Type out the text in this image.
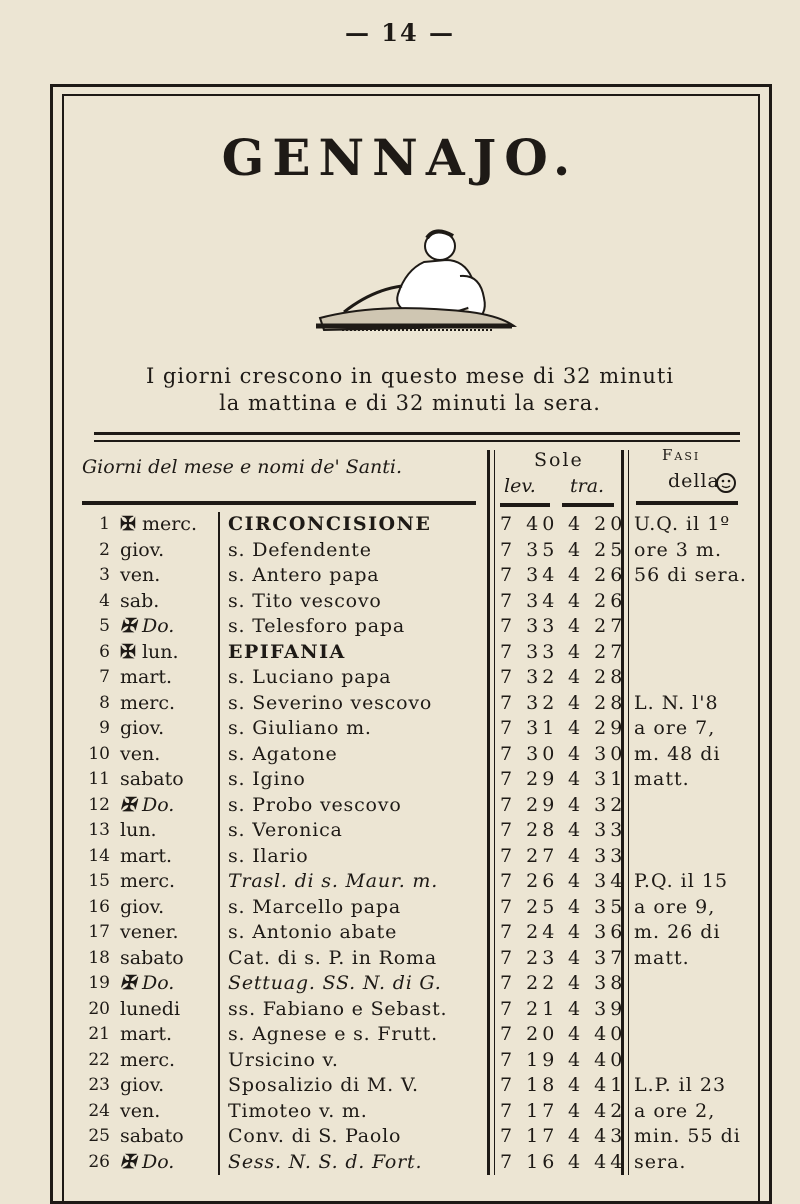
— 14 —
GENNAJO.
I giorni crescono in questo mese di 32 minuti
la mattina e di 32 minuti la sera.
Giorni del mese e nomi de' Santi.	Sole
lev. tra.
Fasi
della
1 ✠ merc. CIRCONCISIONE	7 40 4 20 U.Q. il 1º
2 giov.	s. Defendente	7 35 4 25 ore 3 m.
3 ven.	s. Antero papa	7 34 4 26 56 di sera.
4 sab.	s. Tito vescovo	7 34 4 26
5 ✠ Do.	s. Telesforo papa	7 33 4 27
6 ✠ lun.	EPIFANIA	7 33 4 27
7 mart.	s. Luciano papa	7 32 4 28
8 merc.	s. Severino vescovo	7 32 4 28 L. N. l'8
9 giov.	s. Giuliano m.	7 31 4 29 a ore 7,
10 ven.	s. Agatone	7 30 4 30 m. 48 di
11 sabato s. Igino	7 29 4 31 matt.
12 ✠ Do.	s. Probo vescovo	7 29 4 32
13 lun.	s. Veronica	7 28 4 33
14 mart.	s. Ilario	7 27 4 33
15 merc.	Trasl. di s. Maur. m.	7 26 4 34 P.Q. il 15
16 giov.	s. Marcello papa	7 25 4 35 a ore 9,
17 vener.	s. Antonio abate	7 24 4 36 m. 26 di
18 sabato Cat. di s. P. in Roma	7 23 4 37 matt.
19 ✠ Do.	Settuag. SS. N. di G.	7 22 4 38
20 lunedi	ss. Fabiano e Sebast.	7 21 4 39
21 mart.	s. Agnese e s. Frutt.	7 20 4 40
22 merc.	Ursicino v.	7 19 4 40
23 giov.	Sposalizio di M. V.	7 18 4 41 L.P. il 23
24 ven.	Timoteo v. m.	7 17 4 42 a ore 2,
25 sabato Conv. di S. Paolo	7 17 4 43 min. 55 di
26 ✠ Do.	Sess. N. S. d. Fort.	7 16 4 44 sera.
